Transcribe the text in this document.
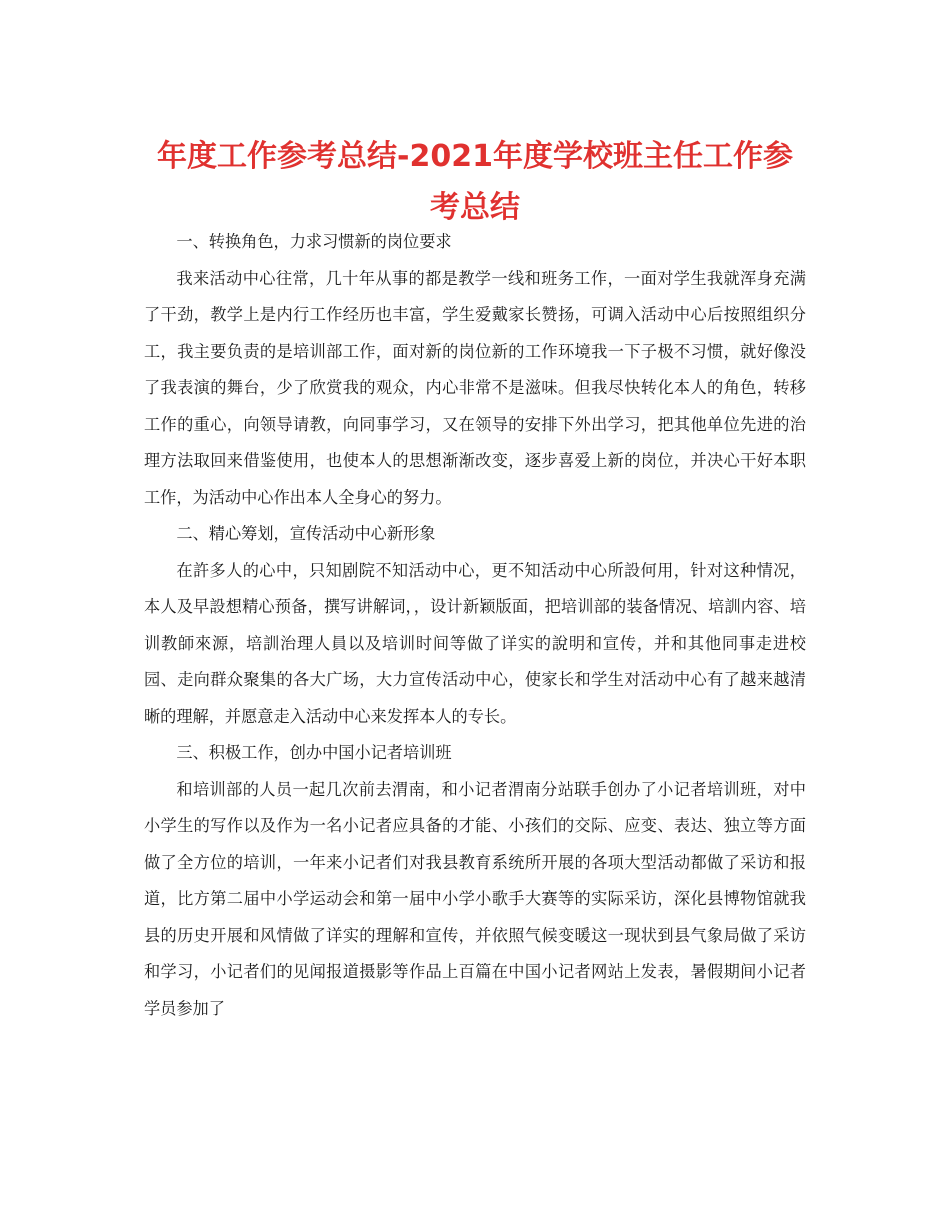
年度工作参考总结-2021年度学校班主任工作参
考总结

一、转换角色，力求习惯新的岗位要求

我来活动中心往常，几十年从事的都是教学一线和班务工作，一面对学生我就浑身充满了干劲，教学上是内行工作经历也丰富，学生爱戴家长赞扬，可调入活动中心后按照组织分工，我主要负责的是培训部工作，面对新的岗位新的工作环境我一下子极不习惯，就好像没了我表演的舞台，少了欣赏我的观众，内心非常不是滋味。但我尽快转化本人的角色，转移工作的重心，向领导请教，向同事学习，又在领导的安排下外出学习，把其他单位先进的治理方法取回来借鉴使用，也使本人的思想渐渐改变，逐步喜爱上新的岗位，并决心干好本职工作，为活动中心作出本人全身心的努力。

二、精心筹划，宣传活动中心新形象

在許多人的心中，只知剧院不知活动中心，更不知活动中心所設何用，针对这种情况，本人及早設想精心预备，撰写讲解词，，设计新颖版面，把培训部的装备情况、培訓内容、培训教師來源，培訓治理人員以及培训时间等做了详实的說明和宣传，并和其他同事走进校园、走向群众聚集的各大广场，大力宣传活动中心，使家长和学生对活动中心有了越来越清晰的理解，并愿意走入活动中心来发挥本人的专长。

三、积极工作，创办中国小记者培训班

和培训部的人员一起几次前去渭南，和小记者渭南分站联手创办了小记者培训班，对中小学生的写作以及作为一名小记者应具备的才能、小孩们的交际、应变、表达、独立等方面做了全方位的培训，一年来小记者们对我县教育系统所开展的各项大型活动都做了采访和报道，比方第二届中小学运动会和第一届中小学小歌手大赛等的实际采访，深化县博物馆就我县的历史开展和风情做了详实的理解和宣传，并依照气候变暖这一现状到县气象局做了采访和学习，小记者们的见闻报道摄影等作品上百篇在中国小记者网站上发表，暑假期间小记者学员参加了
